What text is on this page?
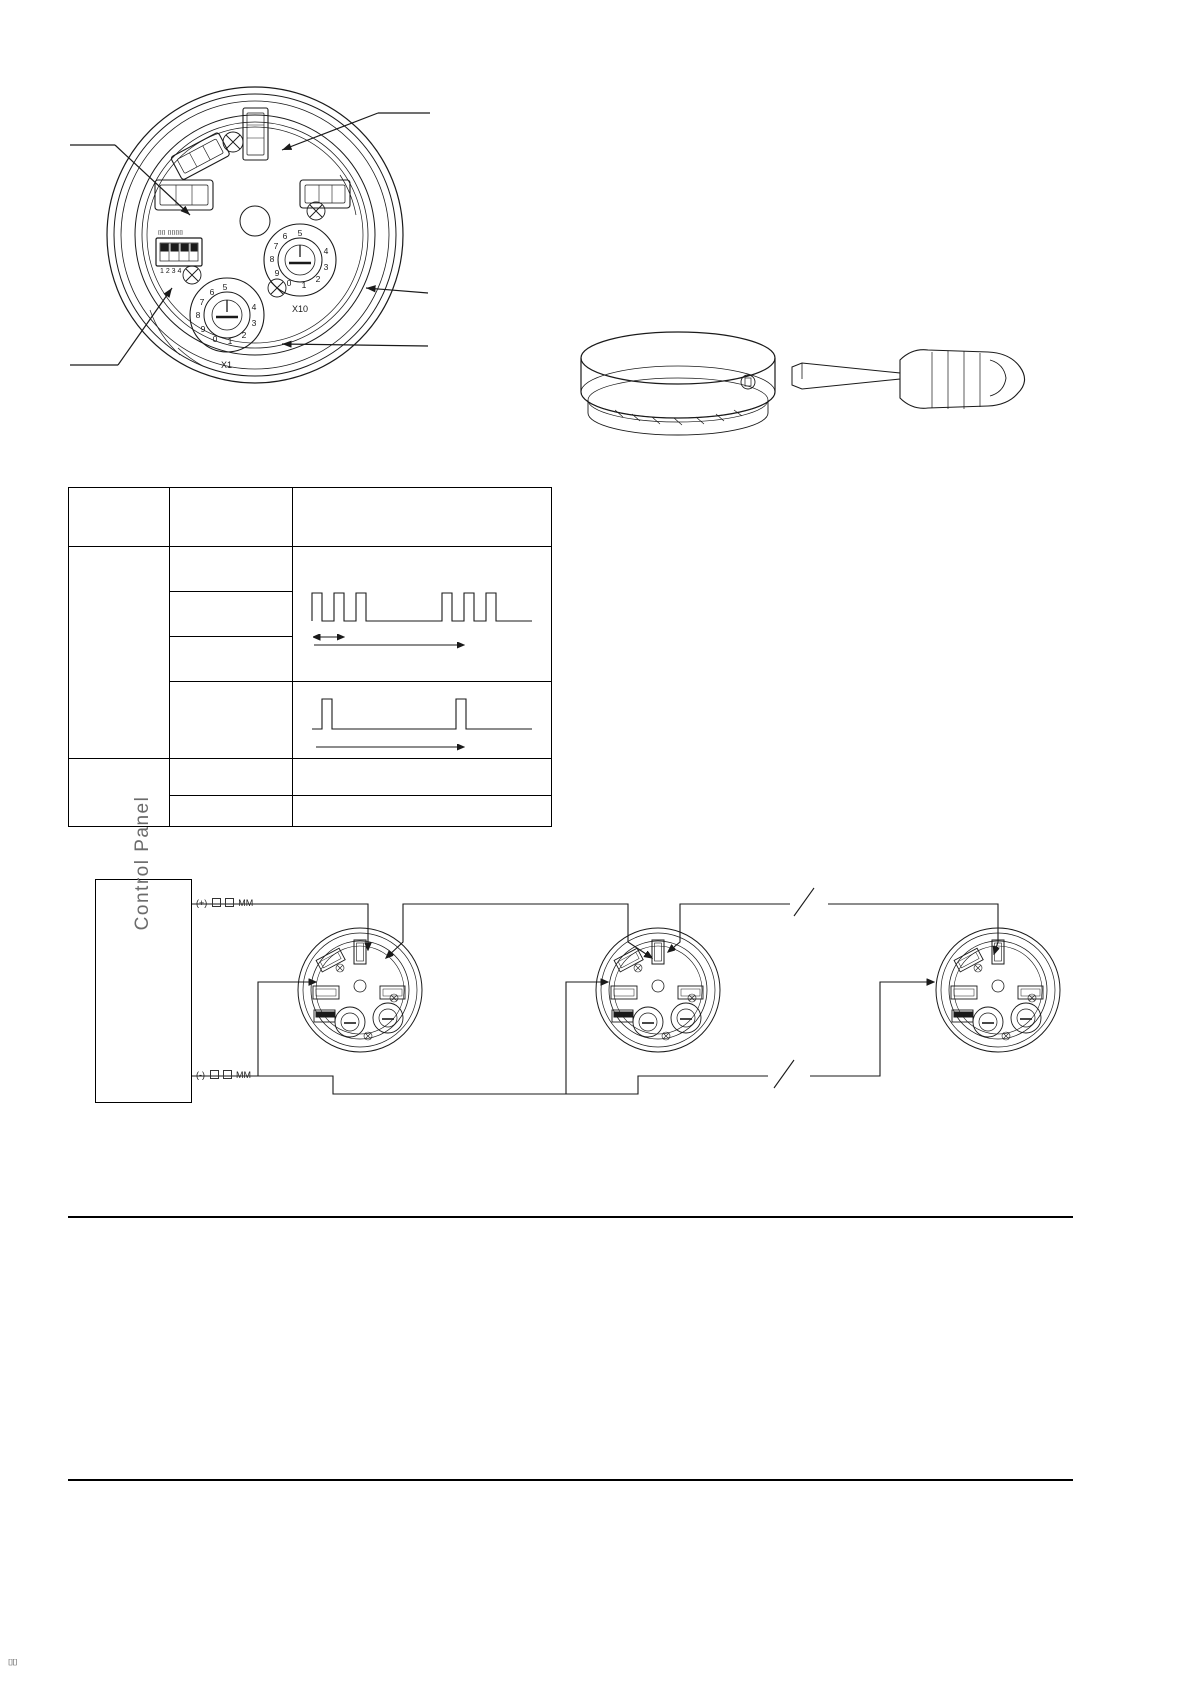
1 2 3 4
⌷⌷ ⌷⌷⌷⌷	5
6
7
8
9
0 1
2
3
4
X10
5
6
7
8
9
0 1
2
3
4
X1

Control Panel	(+)	MM
(-)	MM
⌷⌷
